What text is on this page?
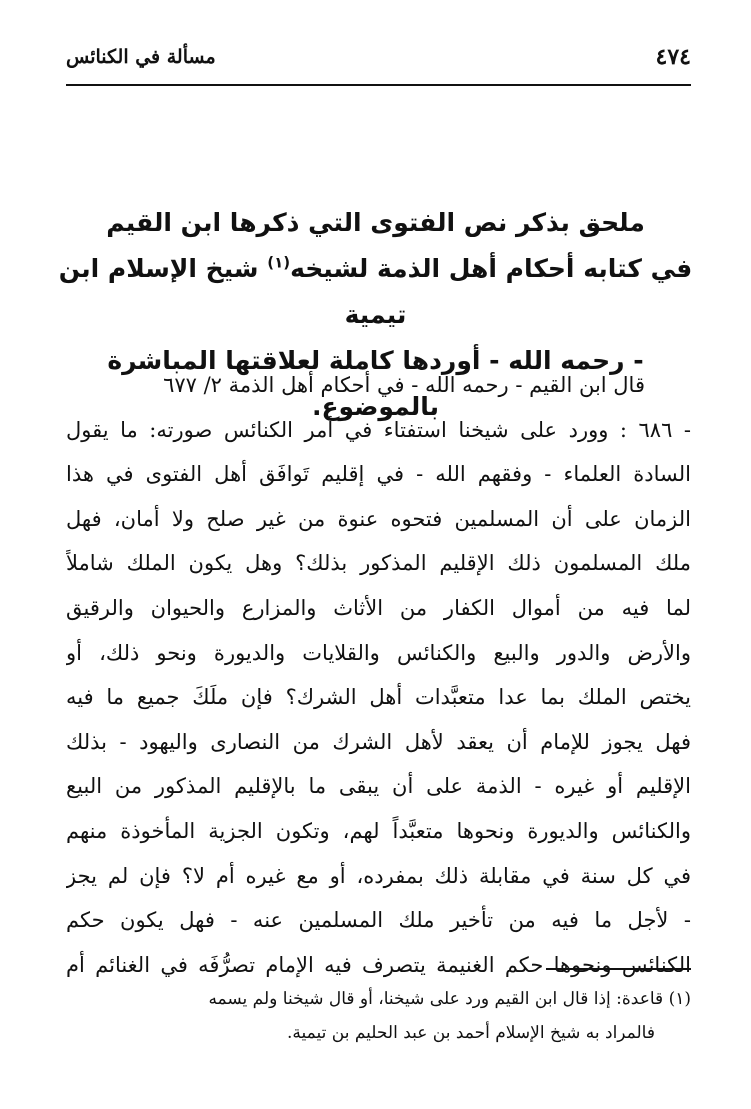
٤٧٤
مسألة في الكنائس

ملحق بذكر نص الفتوى التي ذكرها ابن القيم

في كتابه أحكام أهل الذمة لشيخه$^{(١)}$ شيخ الإسلام ابن تيمية

- رحمه الله - أوردها كاملة لعلاقتها المباشرة بالموضوع.

قال ابن القيم - رحمه الله - في أحكام أهل الذمة ٢/ ٦٧٧

- ٦٨٦ : وورد على شيخنا استفتاء في أمر الكنائس صورته: ما يقول

السادة العلماء - وفقهم الله - في إقليم تَوافَق أهل الفتوى في هذا

الزمان على أن المسلمين فتحوه عنوة من غير صلح ولا أمان، فهل

ملك المسلمون ذلك الإقليم المذكور بذلك؟ وهل يكون الملك شاملاً

لما فيه من أموال الكفار من الأثاث والمزارع والحيوان والرقيق

والأرض والدور والبيع والكنائس والقلايات والديورة ونحو ذلك، أو

يختص الملك بما عدا متعبَّدات أهل الشرك؟ فإن ملَكَ جميع ما فيه

فهل يجوز للإمام أن يعقد لأهل الشرك من النصارى واليهود - بذلك

الإقليم أو غيره - الذمة على أن يبقى ما بالإقليم المذكور من البيع

والكنائس والديورة ونحوها متعبَّداً لهم، وتكون الجزية المأخوذة منهم

في كل سنة في مقابلة ذلك بمفرده، أو مع غيره أم لا؟ فإن لم يجز

- لأجل ما فيه من تأخير ملك المسلمين عنه - فهل يكون حكم

الكنائس ونحوها حكم الغنيمة يتصرف فيه الإمام تصرُّفَه في الغنائم أم

(١) قاعدة: إذا قال ابن القيم ورد على شيخنا، أو قال شيخنا ولم يسمه

فالمراد به شيخ الإسلام أحمد بن عبد الحليم بن تيمية.
